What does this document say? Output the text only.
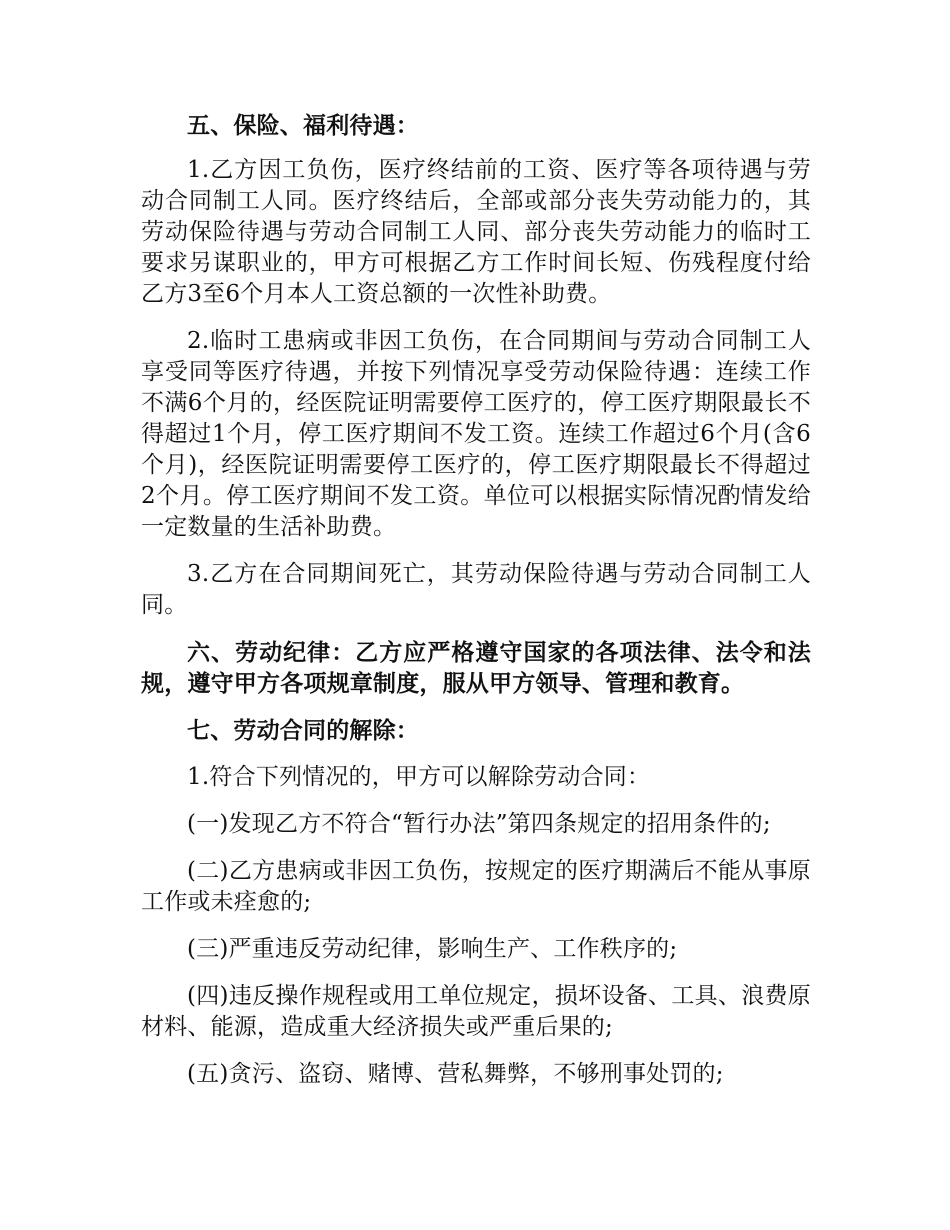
五、保险、福利待遇：

1.乙方因工负伤，医疗终结前的工资、医疗等各项待遇与劳动合同制工人同。医疗终结后，全部或部分丧失劳动能力的，其劳动保险待遇与劳动合同制工人同、部分丧失劳动能力的临时工要求另谋职业的，甲方可根据乙方工作时间长短、伤残程度付给乙方3至6个月本人工资总额的一次性补助费。

2.临时工患病或非因工负伤，在合同期间与劳动合同制工人享受同等医疗待遇，并按下列情况享受劳动保险待遇：连续工作不满6个月的，经医院证明需要停工医疗的，停工医疗期限最长不得超过1个月，停工医疗期间不发工资。连续工作超过6个月(含6个月)，经医院证明需要停工医疗的，停工医疗期限最长不得超过2个月。停工医疗期间不发工资。单位可以根据实际情况酌情发给一定数量的生活补助费。

3.乙方在合同期间死亡，其劳动保险待遇与劳动合同制工人同。

六、劳动纪律：乙方应严格遵守国家的各项法律、法令和法规，遵守甲方各项规章制度，服从甲方领导、管理和教育。

七、劳动合同的解除：

1.符合下列情况的，甲方可以解除劳动合同：

(一)发现乙方不符合“暂行办法”第四条规定的招用条件的;

(二)乙方患病或非因工负伤，按规定的医疗期满后不能从事原工作或未痊愈的;

(三)严重违反劳动纪律，影响生产、工作秩序的;

(四)违反操作规程或用工单位规定，损坏设备、工具、浪费原材料、能源，造成重大经济损失或严重后果的;

(五)贪污、盗窃、赌博、营私舞弊，不够刑事处罚的;
